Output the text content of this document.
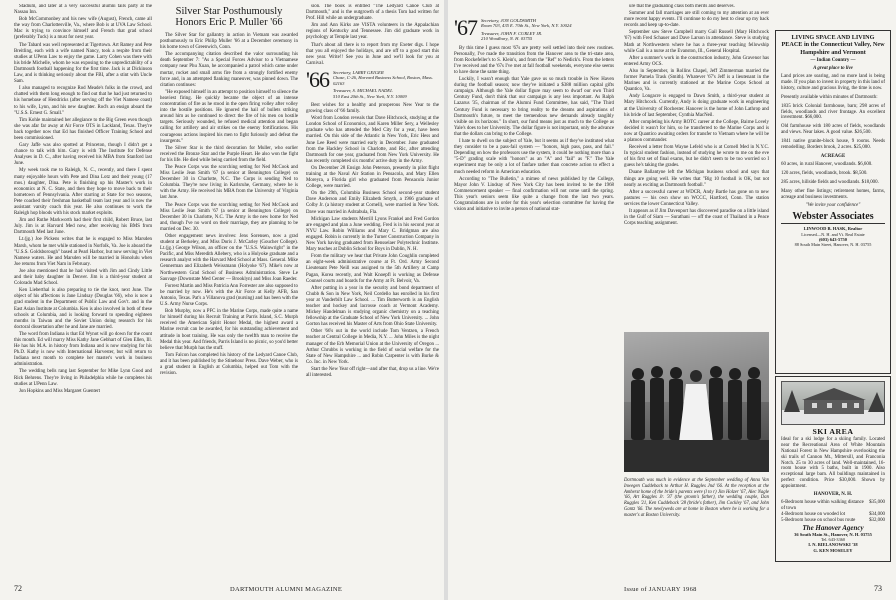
Stadium, and later at a very successful alumni tails party at the Nassau Inn.

Bob McCommonbey and his new wife (August), French, came all the way from Charlottesville, Va., where Bob is at UVA Law School. Mac is trying to convince himself and French that grad school (preferably Tuck) is a must for next year.

The Tabard was well represented at Tigertown. Art Ramey and Pete Breitling, each with a wife named Nancy, took a respite from their studies at UPenn Law to enjoy the game. Larry Cohen was there with his bride Michelle, whom he was exposing to the unpredictability of a Dartmouth football happening for the first time. Jack is at Dickinson Law, and is thinking seriously about the FBI, after a stint with Uncle Sam.

I also managed to recognize Rod Meade's folks in the crowd, and chatted with them long enough to find out that he had just returned to his homebase of Hendricks (after serving off the Viet Namese coast) to his wife, Lynn, and his new daughter. Rod's an ensign aboard the "U.S.S. Ernest G. Small."

Tim Kohle maintained her allegiance to the Big Green even though she was afar far away at Air Force OTS in Lackland, Texas. They're back together now that Ed has finished Officer Training School and been commissioned.

Gary Jaffe was also spotted at Princeton, though I didn't get a chance to talk with him. Gary is with The Institute for Defense Analyses in D. C., after having received his MBA from Stanford last June.

My week took me to Raleigh, N. C., recently, and there I spent many enjoyable hours with Pete and Dina Lotz and their young (17 mos.) daughter, Dina. Pete is finishing up his Master's work in economics at N. C. State, and then they hope to move back to their hometown of Pennsylvania. After starring at State for two seasons, Pete coached their freshman basketball team last year and is now the assistant varsity coach this year. He also continues to work the Raleigh hop bloods with his stock market exploits.

Jim and Ruthe Markworth had their first child, Robert Bruce, last July. Jim is at Harvard Med now, after receiving his BMS from Dartmouth Med last June.

Lt.(jg.) Joe Pickens writes that he is engaged to Miss Marsden Marsh, whom he met while stationed in Norfolk, Va. Joe is aboard the "U.S.S. Goldsborough" based at Pearl Harbor, but now serving in Viet Namese waters. He and Marsden will be married in Honolulu when Joe returns from Viet Nam in February.

Joe also mentioned that he had visited with Jim and Cindy Little and their baby daughter in Denver. Jim is a third-year student at Colorado Mad School.

Ken Lieberthal is also preparing to tie the knot, next June. The object of his affections is Jane Lindsay (Douglas '66), who is now a grad student in the Department of Public Law and Gov't. and in the East Asian Institute at Columbia. Ken is also involved in both of these schools at Columbia, and is looking forward to spending eighteen months in Taiwan and the Soviet Union doing research for his doctoral dissertation after he and Jane are married.

The word from Indiana is that Ed Wynot will go down for the count this month. Ed will marry Miss Kathy Jane Gebhart of Glen Ellen, Ill. He has his M.A. in history from Indiana and is now studying for his Ph.D. Kathy is now with International Harvester, but will return to Indiana next month to complete her master's work in business administration.

The wedding bells rang last September for Mike Lynn Good and Rick Behrens. They're living in Philadelphia while he completes his studies at UPenn Law.

Jon Hopkins and Miss Margaret Guentert

Silver Star Posthumously Honors Eric P. Muller '66

The Silver Star for gallantry in action in Vietnam was awarded posthumously to Eric Philip Muller '66 at a December ceremony in his home town of Greenwich, Conn.

The accompanying citation described the valor surrounding his death September 7: "As a Special Forces Advisor to a Vietnamese company near Phu Xuan, he accompanied a patrol which came under mortar, rocket and small arms fire from a strongly fortified enemy force and, in an attempted flanking maneuver, was pinned down. The citation continues:

"He exposed himself in an attempt to position himself to silence the heaviest firing. He quickly became the object of an intense concentration of fire as he stood in the open firing volley after volley into the hostile positions. He ignored the hail of bullets striking around him as he continued to direct the fire of his men on hostile targets. Seriously wounded, he refused medical attention and began calling for artillery and air strikes on the enemy fortifications. His courageous actions inspired his men to fight furiously and defeat the insurgents."

The Silver Star is the third decoration for Muller, who earlier received the Bronze Star and the Purple Heart. He also won the fight for his life. He died while being carried from the field.

The Peace Corps was the scorching setting for Ned McCook and Miss Leslie Jean Smith '67 (a senior at Bennington College) on December 30 in Charlotte, N.C. The Corps is sending Ned to Columbia. They're now living in Karlsruhe, Germany, where he is with the Army. He received his MBA from the University of Virginia last June.

The Peace Corps was the scorching setting for Ned McCook and Miss Leslie Jean Smith '67 (a senior at Bennington College) on December 30 in Charlotte, N.C. The Army is the new home for Ned and, though I've no word on their marriage, they are planning to be married on Dec. 30.

Other engagement news involves: Jens Sorensen, now a grad student at Berkeley, and Miss Doris J. McCarley (Goucher College). Lt.(jg.) George Wilson, an officer on the "U.S.S. Wainwright" in the Pacific, and Miss Meredith Allebery, who is a Holyoke graduate and a research analyst with the Harvard Med School at Mass. General. Mike Gennerman and Elizabeth Weissmann (Holyoke '67). Mike's now at Northwestern Grad School of Business Administration. Steve Le Sauvage (Downstate Med Center — Brooklyn) and Miss Joan Raeder.

Forrest Martin and Miss Patricia Ann Forrester are also supposed to be married by now. He's with the Air Force at Kelly AFB, San Antonio, Texas. Pat's a Villanova grad (nursing) and has been with the U.S. Army Nurse Corps.

Bob Murphy, now a PFC in the Marine Corps, made quite a name for himself during his Recruit Training at Parris Island, S.C. Murph received the American Spirit Honor Medal, the highest award a Marine recruit can be awarded, for his outstanding achievement and attitude in boot training. He was only the twelfth man to receive the Medal this year. And friends, Parris Island is no picnic, so you'd better believe that Murph has the stuff.

Tom Falcon has completed his history of the Ledyard Canoe Club, and it has been published by the Stinehour Press. Dave Weber, who is a grad student in English at Columbia, helped out Tom with the revision.

sion. The book is entitled "The Ledyard Canoe Club at Dartmouth," and is the outgrowth of a thesis Tom had written for Prof. Hill while an undergraduate.

Jim and Ann Kirks are VISTA volunteers in the Appalachian regions of Kentucky and Tennessee. Jim did graduate work in psychology at Temple last year.

That's about all there is to report from my Exeter digs. I hope that you all enjoyed the holidays, and are off to a good start this new year. Write!! See you in June and we'll look for you at Carnival.

'66 Secretary, LARRY GEIGER
Chase, C-26, Harvard Business School, Boston, Mass. 02163
Treasurer, S. MICHAEL NADEL
510 East 20th St., New York, N.Y. 10009

Best wishes for a healthy and prosperous New Year to the growing class of '66 family.

Word from London reveals that Dave Hitchcock, studying at the London School of Economics, and Karen Miller Sery, a Wellesley graduate who has attended the Med City for a year, have been married. On this side of the Atlantic in New York, Eric Hess and June Lee Reed were married early in December. June graduated from the Hackley School in Charlotte, and Ric, after attending Dartmouth for one year, graduated from New York University. He has recently completed six months' active duty in the Army.

On December 28 Ensign John Peterson, presently in pilot flight training at the Naval Air Station in Pensacola, and Mary Ellen Moreyra, a Florida girl who graduated from Pensacola Junior College, were married.

On the 29th, Columbia Business School second-year student Dave Anderson and Emily Elizabeth Smyth, a 1966 graduate of Colby Jr. (a history student at Cornell), were married in New York. Dave was married in Ashtabula, Fla.

Michigan Law students Merrill Lyons Frankel and Fred Gordon are engaged and plan a June wedding. Fred is in his second year at NYU Law. Robin Williams and Mary C. Bridgman are also engaged. Robin is currently in the Turner Construction Company in New York having graduated from Rensselaer Polytechnic Institute. Mary teaches at Dublin School for Boys in Dublin, N. H.

From the military we hear that Private John Coughlin completed an eight-week administrative course at Ft. Ord. Army Second Lieutenant Pete Neill was assigned to the 5th Artillery at Camp Pagan, Korea recently, and Walt Knoepfl is working as Defense Counsel courts and boards for the Army at Ft. Belvoir, Va.

After putting in a year in the security and bond department of Chubb & Son in New York, Neil Cordello has enrolled in his first year at Vanderbilt Law School. ... Tim Butterworth is an English teacher and hockey and lacrosse coach at Vermont Academy. Mickey Handelman is studying organic chemistry on a teaching fellowship at the Graduate School of New York University. ... John Gorton has received his Master of Arts from Ohio State University.

Other '66's out in the world include Tom Ventzen, a French teacher at Central College in Media, N.Y. ... John Miles is the night manager of the Erb Memorial Union at the University of Oregon ... Arthur Chrubbs is working in the field of social welfare for the State of New Hampshire ... and Robin Carpenter is with Burke & Co. Inc. in New York.

Start the New Year off right—and after that, drop us a line. We're all interested.

72	DARTMOUTH ALUMNI MAGAZINE
'67 Secretary, JON GOLDSMITH
Room 703, 435 E. 70th St., New York, N.Y. 10024
Treasurer, JOHN F. CURLEY JR.
210 Woodbury, N. H. 03755

By this time I guess most '67s are pretty well settled into their new routines. Personally, I've made the transition from the Hanover area to the tri-state area, from Rockefeller's to S. Klein's, and from the "Ref" to Nedick's. From the letters I've received and the '67s I've met at fall football weekends, everyone else seems to have done the same thing.

Luckily, I wasn't enough that Yale gave us so much trouble in New Haven during the football season; now they've initiated a $388 million capital gifts campaign. Although the Yale dollar figure may seem to dwarf our own Third Century Fund, don't think that our campaign is any less important. As Ralph Lazarus '35, chairman of the Alumni Fund Committee, has said, "The Third Century Fund is necessary to bring reality to the dreams and aspirations of Dartmouth's future, to meet the tremendous new demands already tangibly visible on its horizons." In short, our fund means just as much to the College as Yale's does to her University. The dollar figure is not important, only the advance that the dollars can bring to the College.

I hate to dwell on the subject of Yale, but it seems as if they've instituted what they consider to be a pass-fail system — "honors, high pass, pass, and fail." Depending on how the professors use the system, it could be nothing more than a "5-D" grading scale with "honors" as an "A" and "fail" as "F." The Yale experiment may be only a lot of fanfare rather than concrete action to effect a much needed reform in American education.

According to "The Bulletin," a mimeo of news published by the College, Mayor John V. Lindsay of New York City has been invited to be the 1968 Commencement speaker — final confirmation will not come until the spring. This year's seniors seem like quite a change from the last two years. Congratulations are in order for this year's selection committee for having the vision and initiative to invite a person of national stat-

ure that the graduating class both merits and deserves.

Summer and fall marriages are still coming to my attention at an ever more recent happy events. I'll continue to do my best to clear up my back records and keep up-to-date.

September saw Steve Campbell marry Gail Russell (Mary Hitchcock '67) with Fred Schauer and Dave Larson in attendance. Steve is studying Math at Northwestern where he has a three-year teaching fellowship while Gail is a nurse at the Evanston, Ill., General Hospital.

After a summer's work in the construction industry, John Gravenor has entered Army OCS.

Also in September, in Rollins Chapel, Jeff Zimmerman married the former Pamela Trask (Smith). Whatever '67's Jeff is a lieutenant in the Marines and is currently stationed at the Marine Corps School at Quantico, Va.

Andy Longacre is engaged to Dawn Smith, a third-year student at Mary Hitchcock. Currently, Andy is doing graduate work in engineering at the University of Rochester. Hanover is the home of John Lathrop and his bride of last September, Cynthia MacNeil.

After completing his Army ROTC career at the College, Bairne Lovely decided it wasn't for him, so he transferred to the Marine Corps and is now at Quantico awaiting orders for transfer to Vietnam where he will be a platoon commander.

Received a letter from Wayne Lefeld who is at Cornell Med in N.Y.C. In typical student fashion, instead of studying he wrote to me on the eve of his first set of final exams, but he didn't seem to be too worried so I guess he's taking the grades.

Duane Ballantyne left the Michigan business school and says that things are going well. He writes that "Big 10 football is OK, but not nearly as exciting as Dartmouth football."

After a successful career at WDCR, Andy Bartle has gone on to new pastures — his own show on WCCC, Hartford, Conn. The station services the lower Connecticut Valley.

It appears as if Jim Davenport has discovered paradise on a little island in the Gulf of Siam — Surathani — off the coast of Thailand in a Peace Corps teaching assignment.

Dartmouth was much in evidence at the September wedding of Anna Van Inwegen Cuddeback to Arthur H. Ruggles Jnd '66. At the reception at the Amherst home of the bride's parents were (l to r) Jim Holzer '67, Alec Nagle '66, Art Ruggles Jr. '37 (the groom's father), the wedding couple, Dan Ruggles '21, Ken Cuddeback '28 (bride's father), Jim Cockley '67, and John Gantz '66. The newlyweds are at home in Boston where he is working for a master's at Boston University.
LIVING SPACE AND LIVING PEACE in the Connecticut Valley, New Hampshire and Vermont
— Indian Country —
A great place to live

Land prices are soaring, and no more land is being made. If you plan to invest in property in this land of history, culture and gracious living, the time is now.

Presently available within minutes of Dartmouth:

1835 brick Colonial farmhouse, barn; 298 acres of fields, woodlands and river frontage. An excellent investment. $66,000.

Old farmhouse with 180 acres of fields, woodlands and views. Near lakes. A good value. $26,500.

1841 native granite-block house, 9 rooms. Needs remodelling. Borders brook, 2 acres. $25,000.

ACREAGE

60 acres, in rural Hanover, woodlands. $6,600.

120 acres, fields, woodlands, brook. $8,500.

285 acres, hillside fields and woodlands. $18,000.

Many other fine listings; retirement homes, farms, acreage and business investments.

"We invite your confidence"
Webster Associates
LINWOOD B. HASK, Realtor
Licensed—N. H. and Vt. Real Estate
(603) 643-5750
88 South Main Street, Hanover, N. H. 03755
SKI AREA

Ideal for a ski lodge for a skiing family. Located near the Recreational Area of White Mountain National Forest in New Hampshire overlooking the ski trails of Cannon Mt., Mittersill, and Franconia Notch. 25 to 30 acres of land. Well-maintained, 16-room house with 5 baths, built in 1900. Also exceptional large barn. All buildings maintained in perfect condition. Price $30,000. Shown by appointment.

HANOVER, N. H.
6-Bedroom house within walking distance of town
$35,000
4-Bedroom house on wooded lot	$34,000
5-Bedroom house on school bus route	$32,000
The Hanover Agency
36 South Main St., Hanover, N. H. 03755
Tel. 643-3360
I. N. BIELANOWSKI '38
G. KEN MOSELEY
Issue of JANUARY 1968	73
